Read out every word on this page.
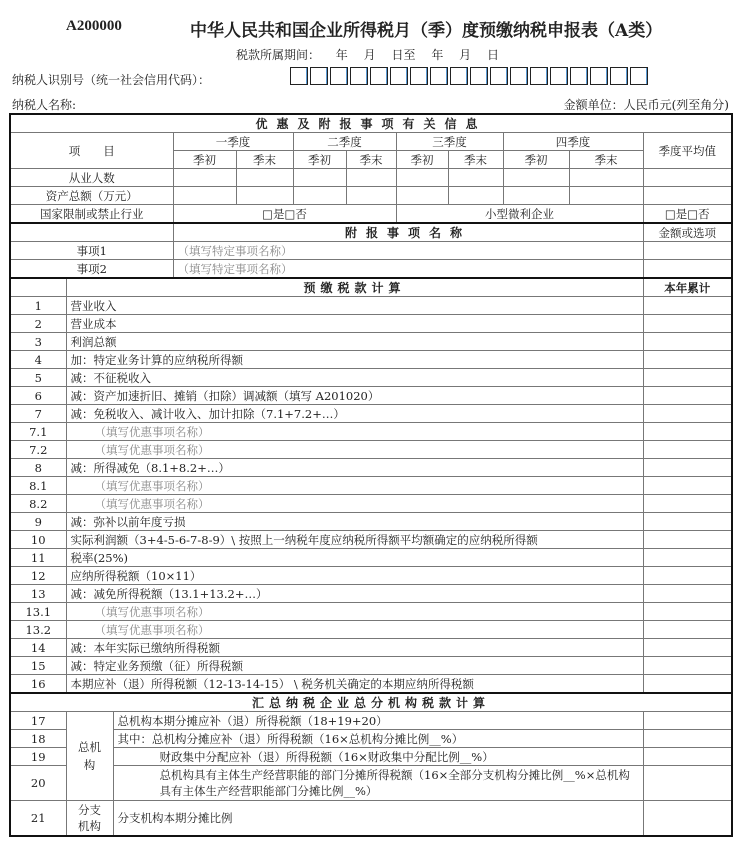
A200000	中华人民共和国企业所得税月（季）度预缴纳税申报表（A类）
税款所属期间： 年 月 日至 年 月 日
纳税人识别号（统一社会信用代码）：
纳税人名称:	金额单位：人民币元(列至角分)
优惠及附报事项有关信息											
项　　目			一季度		二季度		三季度		四季度		季度平均值
			季初	季末	季初	季末	季初	季末	季初	季末	
从业人数											
资产总额（万元）											
国家限制或禁止行业			□是□否				小型微利企业				□是□否
			附报事项名称								金额或选项
事项1			（填写特定事项名称）								
事项2			（填写特定事项名称）								
	预缴税款计算										本年累计
1	营业收入										
2	营业成本										
3	利润总额										
4	加：特定业务计算的应纳税所得额										
5	减：不征税收入										
6	减：资产加速折旧、摊销（扣除）调减额（填写 A201020）										
7	减：免税收入、减计收入、加计扣除（7.1+7.2+…）										
7.1	（填写优惠事项名称）										
7.2	（填写优惠事项名称）										
8	减：所得减免（8.1+8.2+…）										
8.1	（填写优惠事项名称）										
8.2	（填写优惠事项名称）										
9	减：弥补以前年度亏损										
10	实际利润额（3+4-5-6-7-8-9）\ 按照上一纳税年度应纳税所得额平均额确定的应纳税所得额										
11	税率(25%)										
12	应纳所得税额（10×11）										
13	减：减免所得税额（13.1+13.2+…）										
13.1	（填写优惠事项名称）										
13.2	（填写优惠事项名称）										
14	减：本年实际已缴纳所得税额										
15	减：特定业务预缴（征）所得税额										
16	本期应补（退）所得税额（12-13-14-15） \ 税务机关确定的本期应纳所得税额										
汇总纳税企业总分机构税款计算											
17	总机构	总机构本期分摊应补（退）所得税额（18+19+20）									
18		其中：总机构分摊应补（退）所得税额（16×总机构分摊比例__%）									
19		财政集中分配应补（退）所得税额（16×财政集中分配比例__%）									
20		总机构具有主体生产经营职能的部门分摊所得税额（16×全部分支机构分摊比例__%×总机构具有主体生产经营职能部门分摊比例__%）									
21	分支机构	分支机构本期分摊比例									
